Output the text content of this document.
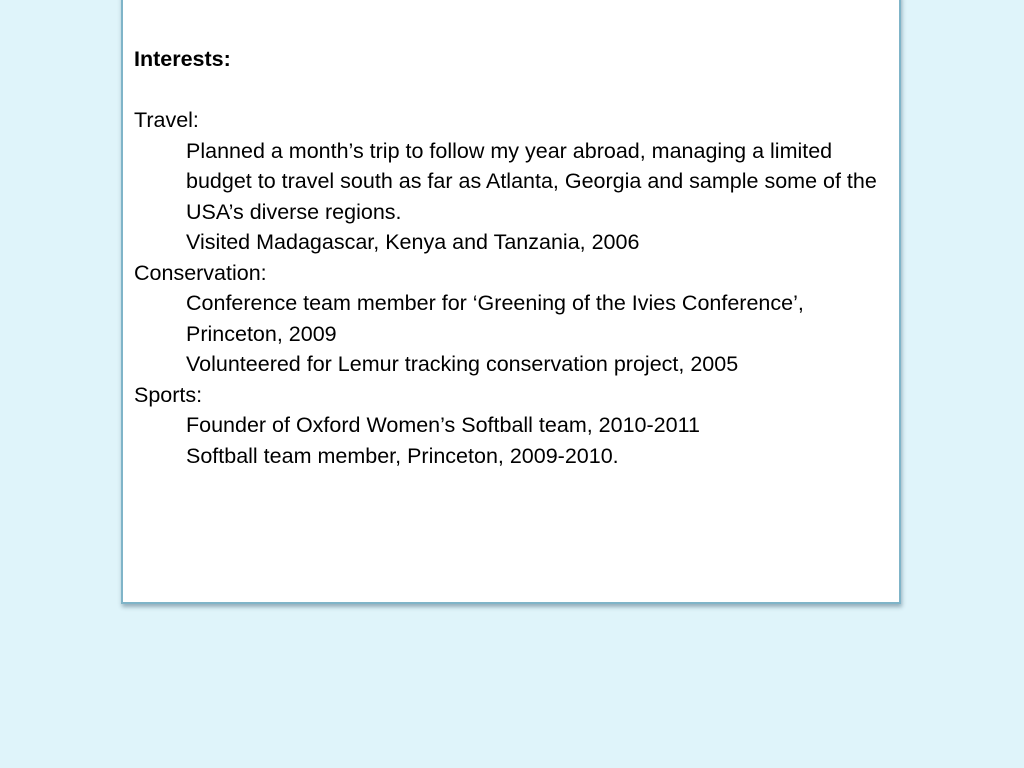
Interests:

Travel:

Planned a month’s trip to follow my year abroad, managing a limited budget to travel south as far as Atlanta, Georgia and sample some of the USA’s diverse regions.
Visited Madagascar, Kenya and Tanzania, 2006

Conservation:

Conference team member for ‘Greening of the Ivies Conference’, Princeton, 2009
Volunteered for Lemur tracking conservation project, 2005

Sports:

Founder of Oxford Women’s Softball team, 2010-2011
Softball team member, Princeton, 2009-2010.
